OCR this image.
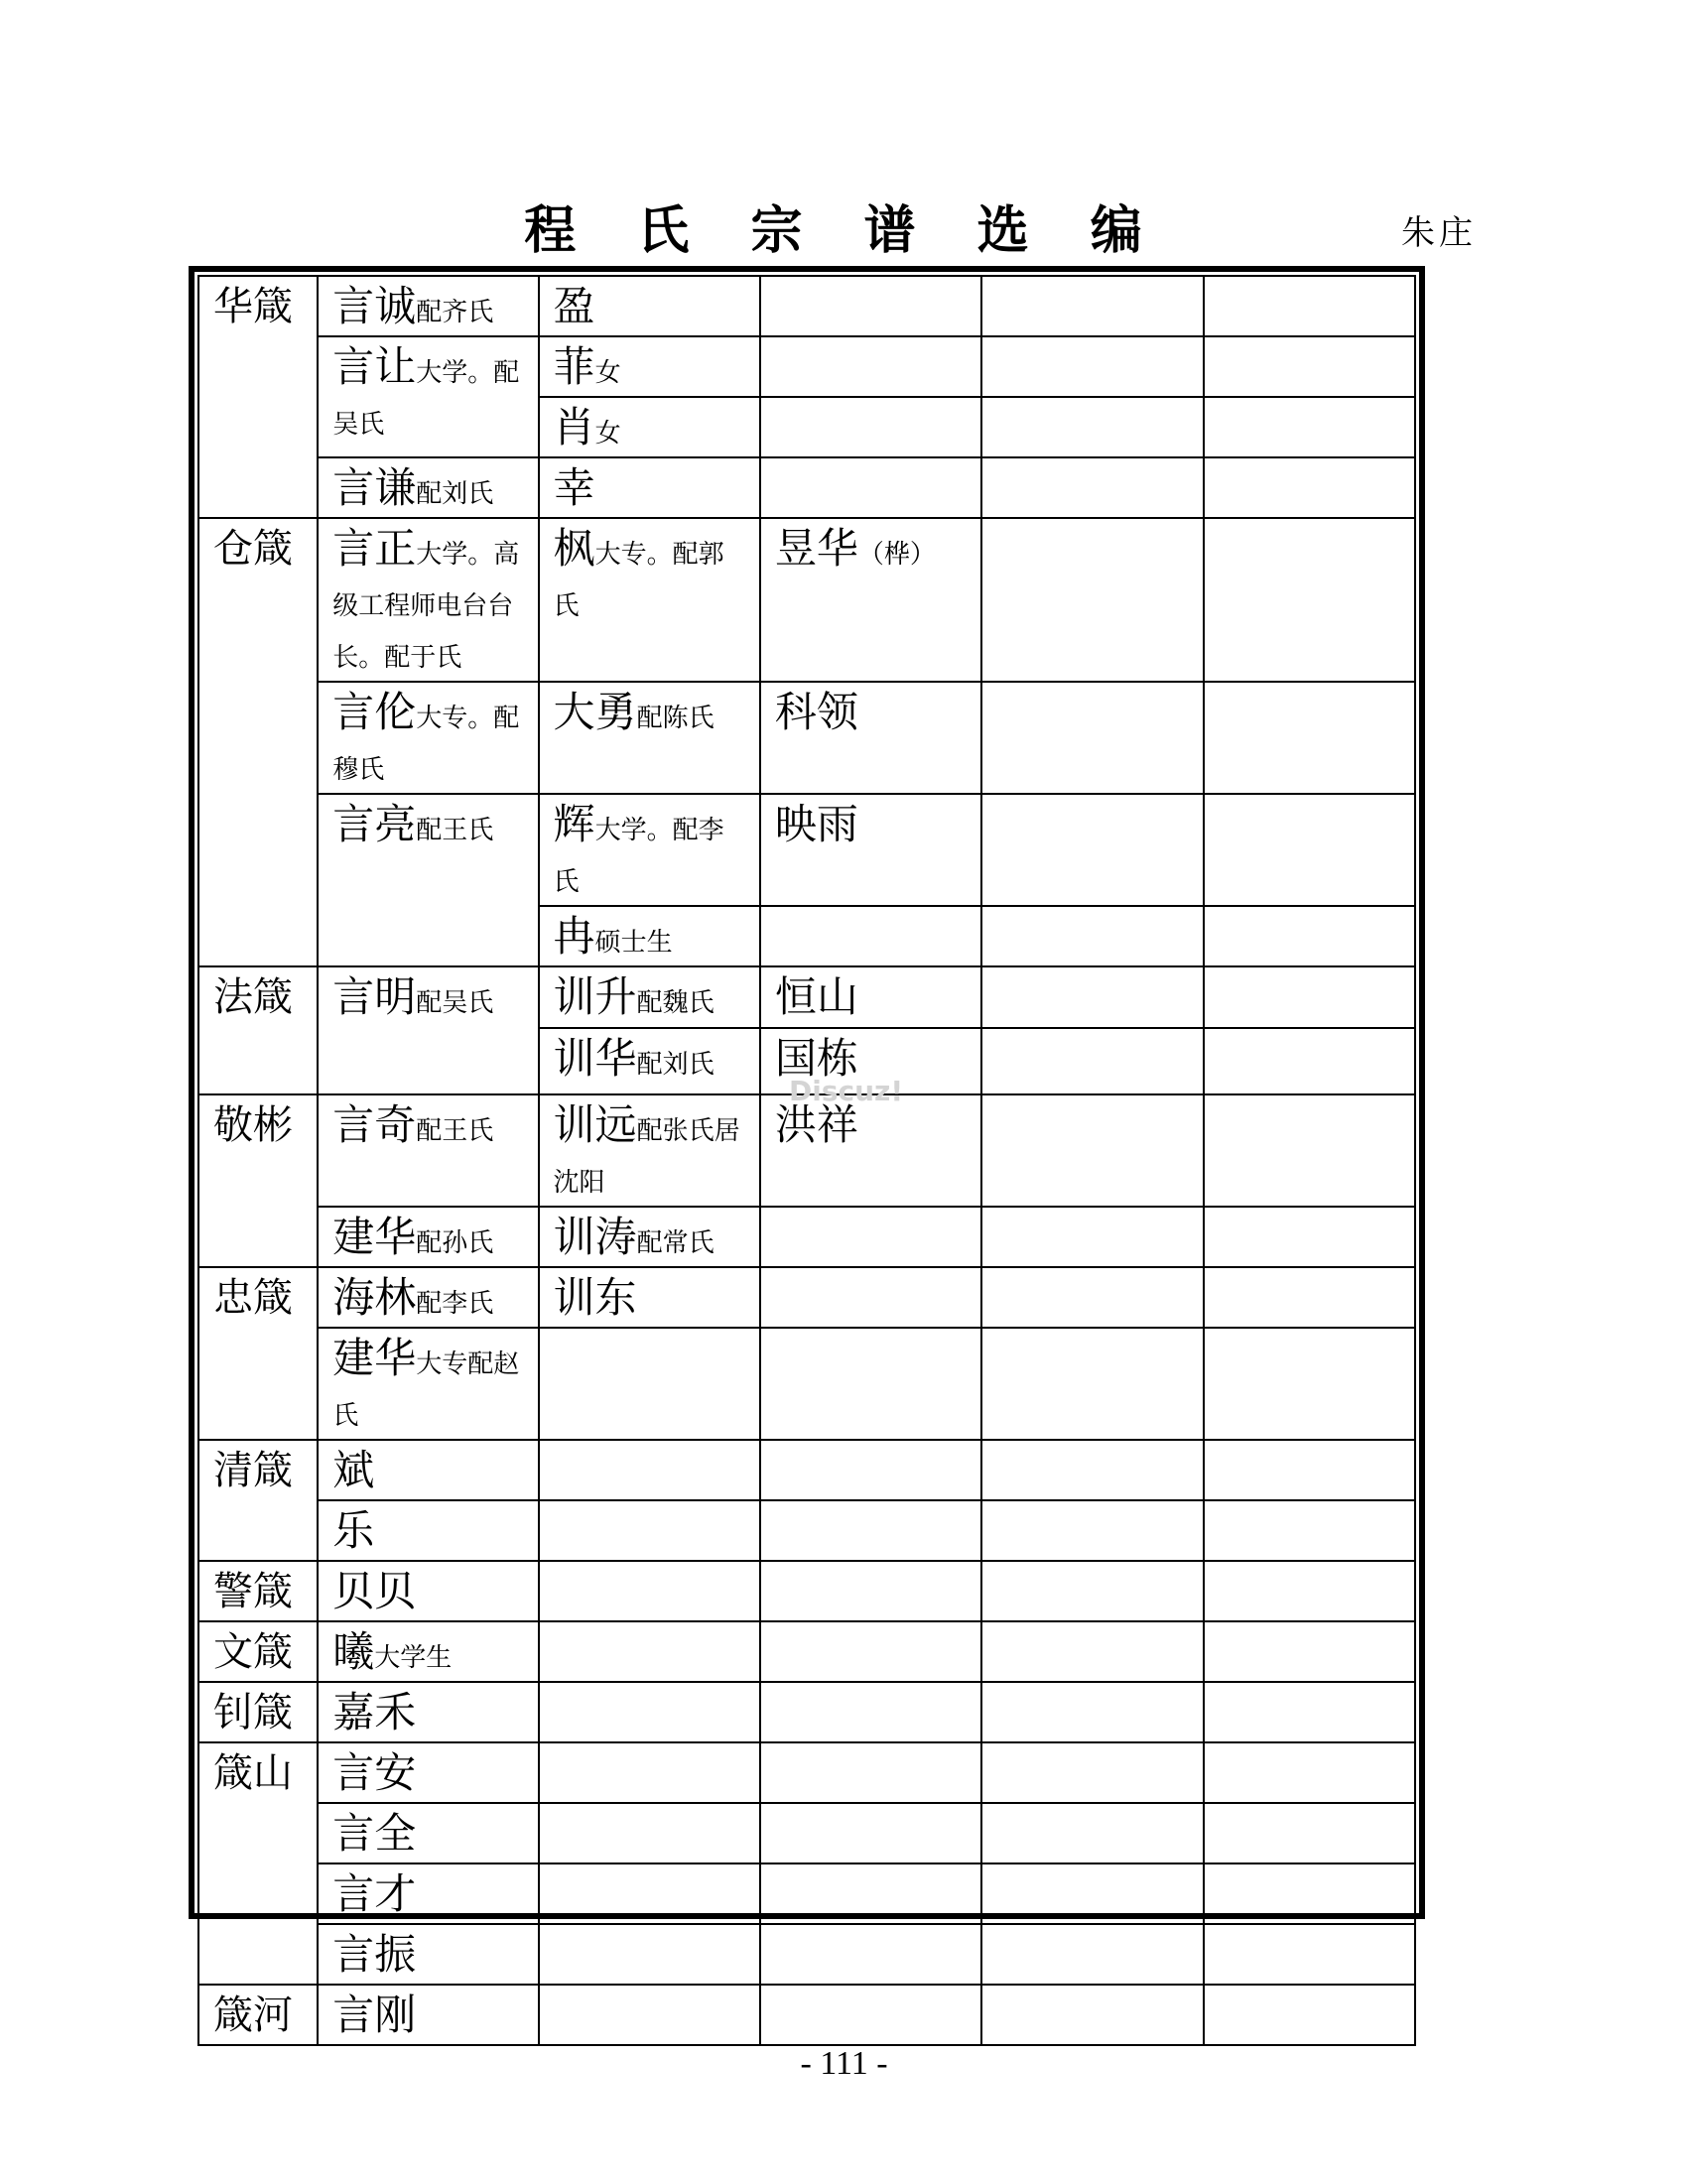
程 氏 宗 谱 选 编	朱庄
华箴	言诚配齐氏	盈			
	言让大学。配吴氏	菲女			
		肖女			
	言谦配刘氏	幸			
仓箴	言正大学。高级工程师电台台长。配于氏	枫大专。配郭氏	昱华（桦）		
	言伦大专。配穆氏	大勇配陈氏	科领		
	言亮配王氏	辉大学。配李氏	映雨		
		冉硕士生			
法箴	言明配吴氏	训升配魏氏	恒山		
		训华配刘氏	国栋		
敬彬	言奇配王氏	训远配张氏居沈阳	洪祥		
	建华配孙氏	训涛配常氏			
忠箴	海林配李氏	训东			
	建华大专配赵氏				
清箴	斌				
	乐				
警箴	贝贝				
文箴	曦大学生				
钊箴	嘉禾				
箴山	言安				
	言全				
	言才				
	言振				
箴河	言刚				
Discuz!
- 111 -
